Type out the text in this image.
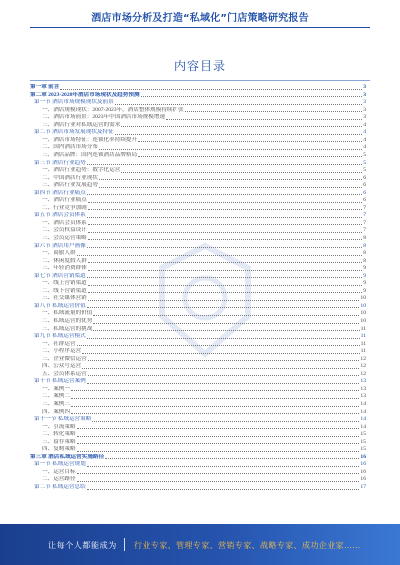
酒店市场分析及打造“私域化”门店策略研究报告
内容目录
第一章 前言	3
第二章 2023-2028年酒店市场现状及趋势预测	3
第一节 酒店市场规模现状及前景	3
一、酒店规模现状：2007-2023年，酒店整体规模持续扩张	3
二、酒店市场前景：2023年中国酒店市场规模增速	3
三、酒店行业对私域运营的需求	4
第二节 酒店市场发展现状及特征	4
一、酒店市场特征：连锁化率持续提升	4
二、国内酒店市场分布	4
三、酒店品牌：国内连锁酒店品牌格局	5
第三节 酒店行业趋势	5
一、酒店行业趋势：数字化运营	5
二、中国酒店行业现状	6
三、酒店行业发展趋势	6
第四节 酒店行业痛点	6
一、酒店行业痛点	6
二、行业竞争加剧	7
第五节 酒店会员体系	7
一、酒店会员体系	7
二、会员权益设计	7
三、会员运营策略	8
第六节 酒店用户画像	8
一、商旅人群	8
二、休闲度假人群	8
三、年轻消费群体	9
第七节 酒店营销渠道	9
一、线上营销渠道	9
二、线下营销渠道	9
三、社交媒体营销	10
第八节 私域运营价值	10
一、私域流量的价值	10
二、私域运营的优势	10
三、私域运营的挑战	11
第九节 私域运营模式	11
一、社群运营	11
二、小程序运营	11
三、企业微信运营	12
四、公众号运营	12
五、会员体系运营	12
第十节 私域运营案例	13
一、案例一	13
二、案例二	13
三、案例三	14
四、案例四	14
第十一节 私域运营策略	14
一、引流策略	14
二、转化策略	15
三、留存策略	15
四、复购策略	15
第三章 酒店私域运营实施路径	16
第一节 私域运营规划	16
一、运营目标	16
二、运营路径	16
第二节 私域运营总结	17
让每个人都能成为 行业专家、管理专家、营销专家、战略专家、成功企业家……
